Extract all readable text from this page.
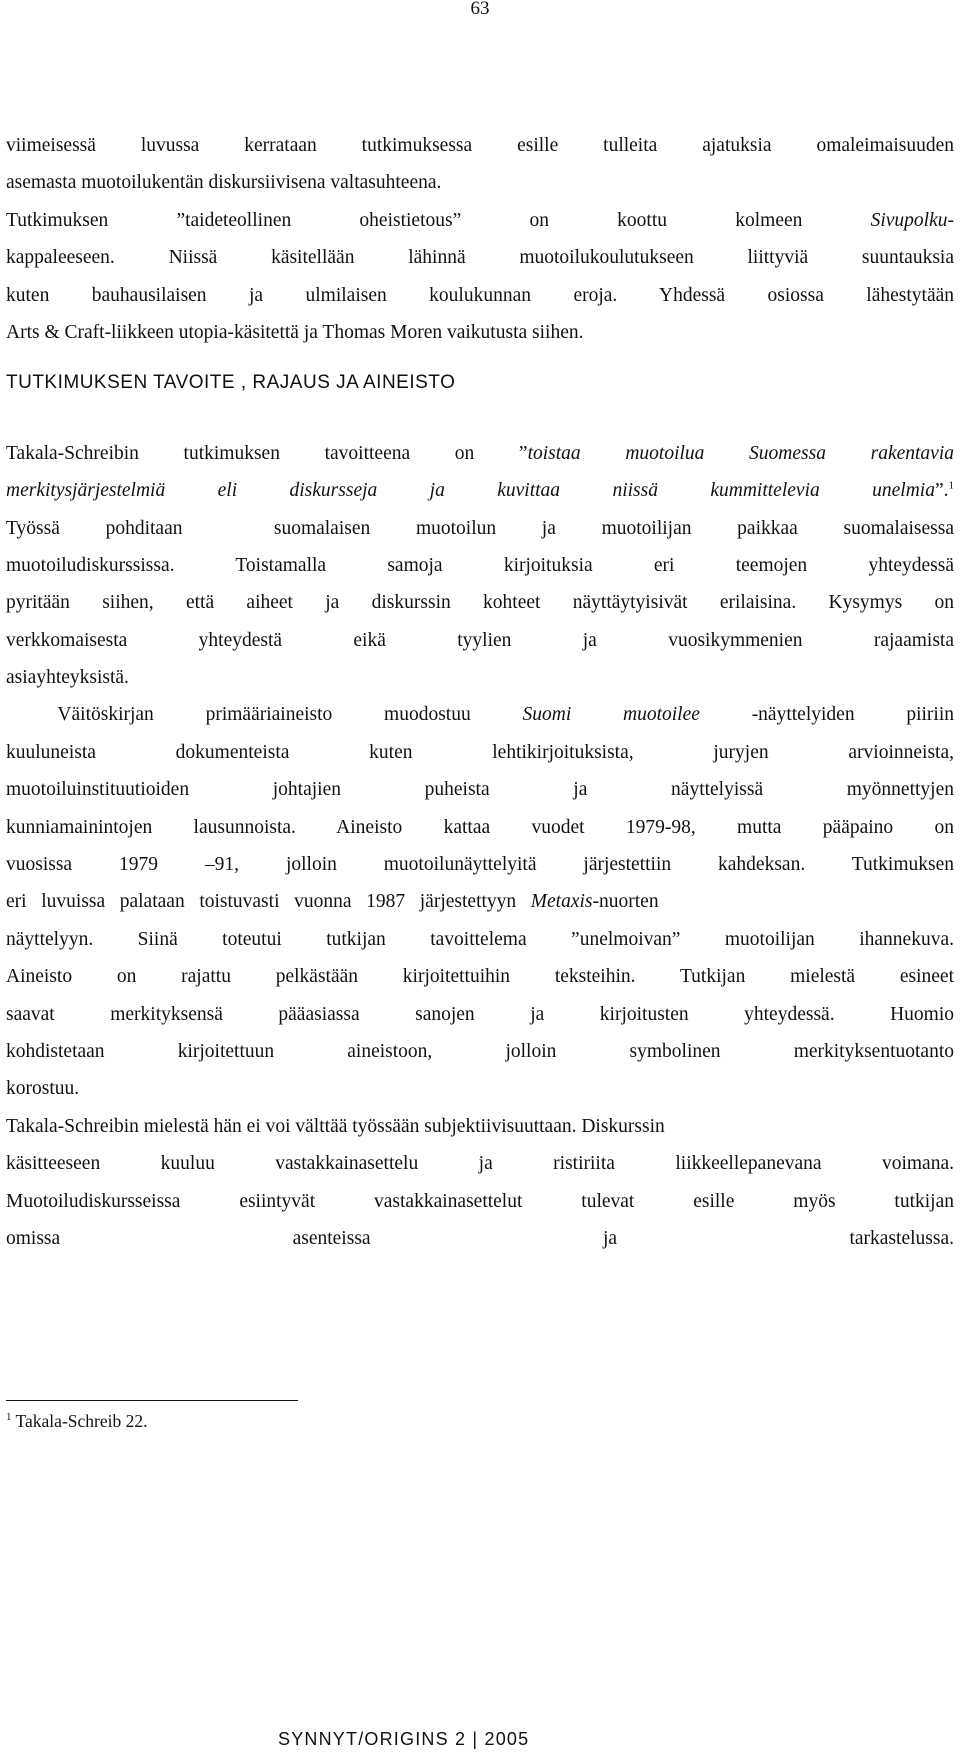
63
viimeisessä luvussa kerrataan tutkimuksessa esille tulleita ajatuksia omaleimaisuuden
asemasta muotoilukentän diskursiivisena valtasuhteena.
Tutkimuksen    ”taideteollinen    oheistietous”    on    koottu    kolmeen    Sivupolku-
kappaleeseen. Niissä käsitellään lähinnä muotoilukoulutukseen liittyviä suuntauksia
kuten bauhausilaisen ja ulmilaisen koulukunnan eroja. Yhdessä osiossa lähestytään
Arts & Craft-liikkeen utopia-käsitettä ja Thomas Moren vaikutusta siihen.
TUTKIMUKSEN TAVOITE , RAJAUS JA AINEISTO
Takala-Schreibin tutkimuksen tavoitteena on ”toistaa muotoilua Suomessa rakentavia
merkitysjärjestelmiä  eli  diskursseja  ja  kuvittaa  niissä  kummittelevia  unelmia”.$^1$
Työssä  pohditaan    suomalaisen  muotoilun  ja  muotoilijan  paikkaa  suomalaisessa
muotoiludiskurssissa. Toistamalla samoja kirjoituksia eri teemojen yhteydessä
pyritään siihen, että aiheet ja diskurssin kohteet näyttäytyisivät erilaisina. Kysymys on
verkkomaisesta    yhteydestä    eikä    tyylien    ja    vuosikymmenien    rajaamista
asiayhteyksistä.
Väitöskirjan primääriaineisto muodostuu Suomi muotoilee -näyttelyiden piiriin
kuuluneista    dokumenteista    kuten    lehtikirjoituksista,    juryjen    arvioinneista,
muotoiluinstituutioiden    johtajien    puheista    ja    näyttelyissä    myönnettyjen
kunniamainintojen lausunnoista. Aineisto kattaa vuodet 1979-98, mutta pääpaino on
vuosissa 1979 –91, jolloin muotoilunäyttelyitä järjestettiin kahdeksan. Tutkimuksen
eri   luvuissa   palataan   toistuvasti   vuonna   1987   järjestettyyn   Metaxis-nuorten
näyttelyyn. Siinä toteutui tutkijan tavoittelema ”unelmoivan” muotoilijan ihannekuva.
Aineisto on rajattu pelkästään kirjoitettuihin teksteihin. Tutkijan mielestä esineet
saavat   merkityksensä   pääasiassa   sanojen   ja   kirjoitusten   yhteydessä.   Huomio
kohdistetaan   kirjoitettuun   aineistoon,   jolloin   symbolinen   merkityksentuotanto
korostuu.
Takala-Schreibin mielestä hän ei voi välttää työssään subjektiivisuuttaan. Diskurssin
käsitteeseen   kuuluu   vastakkainasettelu   ja   ristiriita   liikkeellepanevana   voimana.
Muotoiludiskursseissa esiintyvät vastakkainasettelut tulevat esille myös tutkijan
omissa asenteissa ja tarkastelussa.
$^1$ Takala-Schreib 22.
SYNNYT/ORIGINS 2 | 2005
